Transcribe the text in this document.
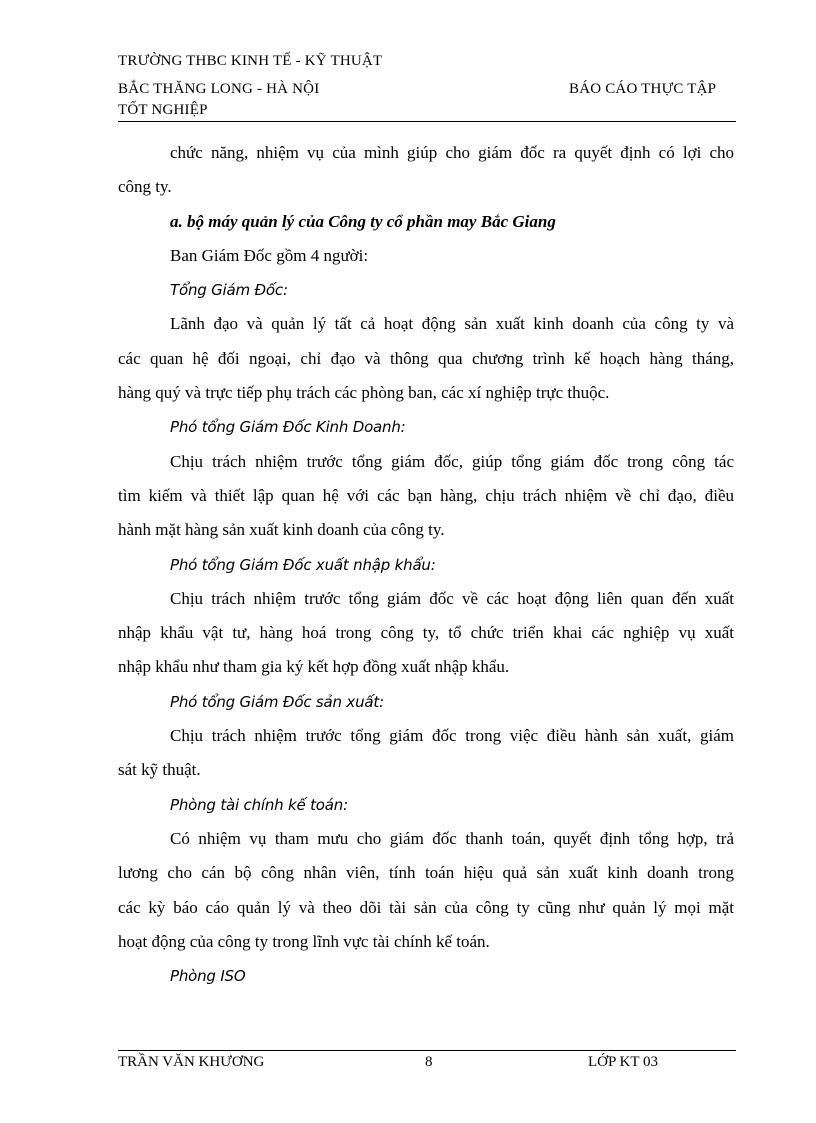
TRƯỜNG THBC KINH TẾ - KỸ THUẬT
BẮC THĂNG LONG - HÀ NỘI	BÁO CÁO THỰC TẬP
TỐT NGHIỆP
chức năng, nhiệm vụ của mình giúp cho giám đốc ra quyết định có lợi cho
công ty.
a. bộ máy quản lý của Công ty cổ phần may Bắc Giang
Ban Giám Đốc gồm 4 người:
Tổng Giám Đốc:
Lãnh đạo và quản lý tất cả hoạt động sản xuất kinh doanh của công ty và
các quan hệ đối ngoại, chỉ đạo và thông qua chương trình kế hoạch hàng tháng,
hàng quý và trực tiếp phụ trách các phòng ban, các xí nghiệp trực thuộc.
Phó tổng Giám Đốc Kinh Doanh:
Chịu trách nhiệm trước tổng giám đốc, giúp tổng giám đốc trong công tác
tìm kiếm và thiết lập quan hệ với các bạn hàng, chịu trách nhiệm về chỉ đạo, điều
hành mặt hàng sản xuất kinh doanh của công ty.
Phó tổng Giám Đốc xuất nhập khẩu:
Chịu trách nhiệm trước tổng giám đốc về các hoạt động liên quan đến xuất
nhập khẩu vật tư, hàng hoá trong công ty, tổ chức triển khai các nghiệp vụ xuất
nhập khẩu như tham gia ký kết hợp đồng xuất nhập khẩu.
Phó tổng Giám Đốc sản xuất:
Chịu trách nhiệm trước tổng giám đốc trong việc điều hành sản xuất, giám
sát kỹ thuật.
Phòng tài chính kế toán:
Có nhiệm vụ tham mưu cho giám đốc thanh toán, quyết định tổng hợp, trả
lương cho cán bộ công nhân viên, tính toán hiệu quả sản xuất kinh doanh trong
các kỳ báo cáo quản lý và theo dõi tài sản của công ty cũng như quản lý mọi mặt
hoạt động của công ty trong lĩnh vực tài chính kế toán.
Phòng ISO
TRẦN VĂN KHƯƠNG	8	LỚP KT 03
